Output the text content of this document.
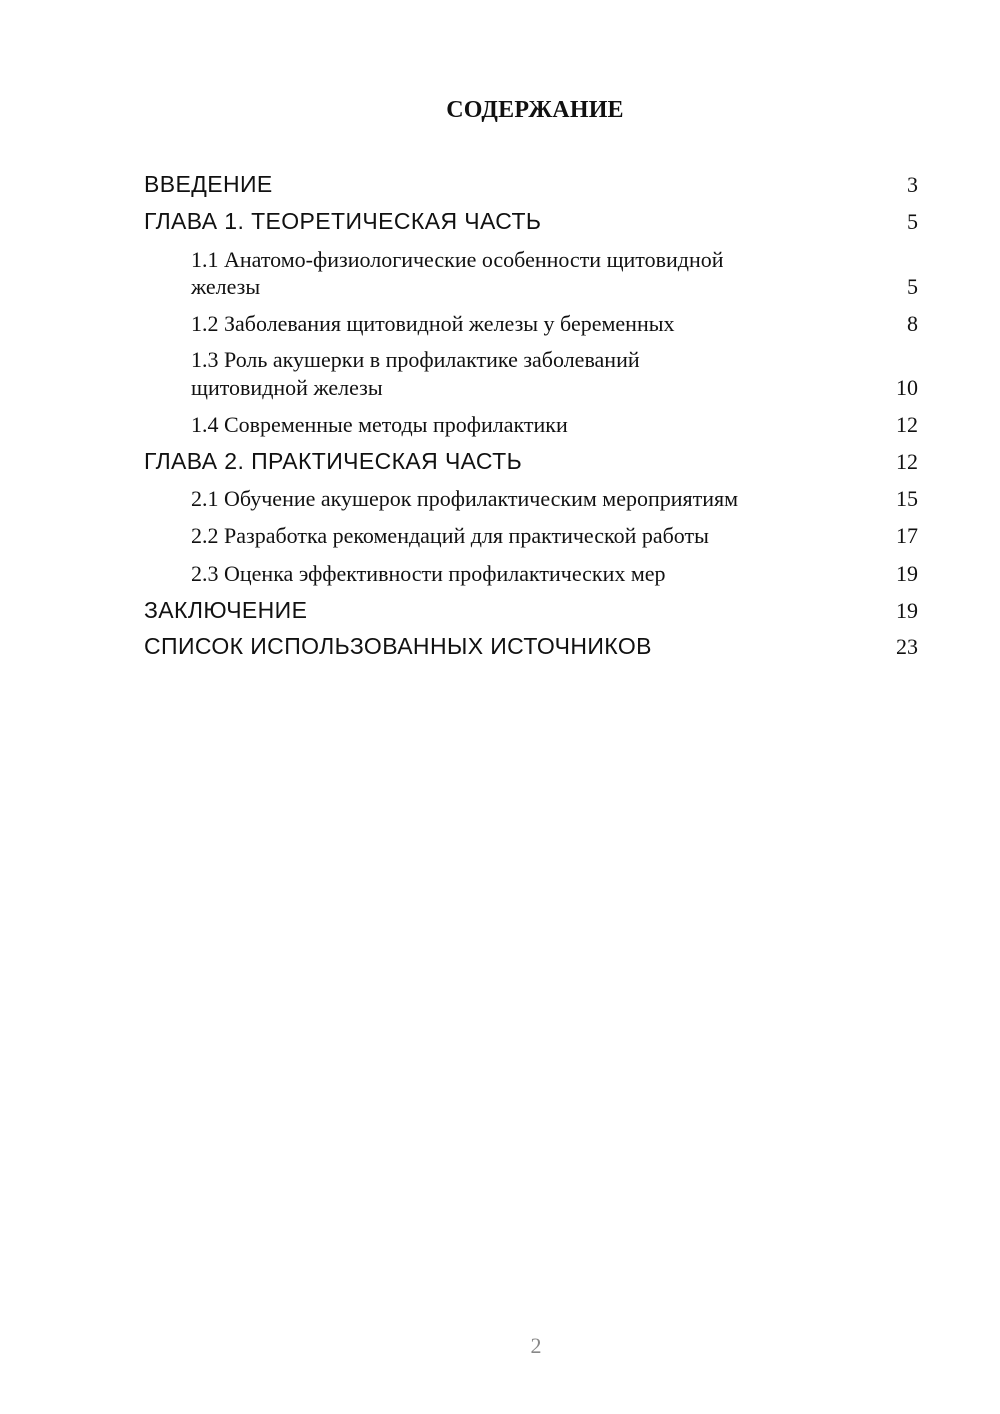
СОДЕРЖАНИЕ
ВВЕДЕНИЕ	3
ГЛАВА 1. ТЕОРЕТИЧЕСКАЯ ЧАСТЬ	5
1.1 Анатомо-физиологические особенности щитовидной
железы	5
1.2 Заболевания щитовидной железы у беременных	8
1.3 Роль акушерки в профилактике заболеваний
щитовидной железы	10
1.4 Современные методы профилактики	12
ГЛАВА 2. ПРАКТИЧЕСКАЯ ЧАСТЬ	12
2.1 Обучение акушерок профилактическим мероприятиям	15
2.2 Разработка рекомендаций для практической работы	17
2.3 Оценка эффективности профилактических мер	19
ЗАКЛЮЧЕНИЕ	19
СПИСОК ИСПОЛЬЗОВАННЫХ ИСТОЧНИКОВ	23
2
